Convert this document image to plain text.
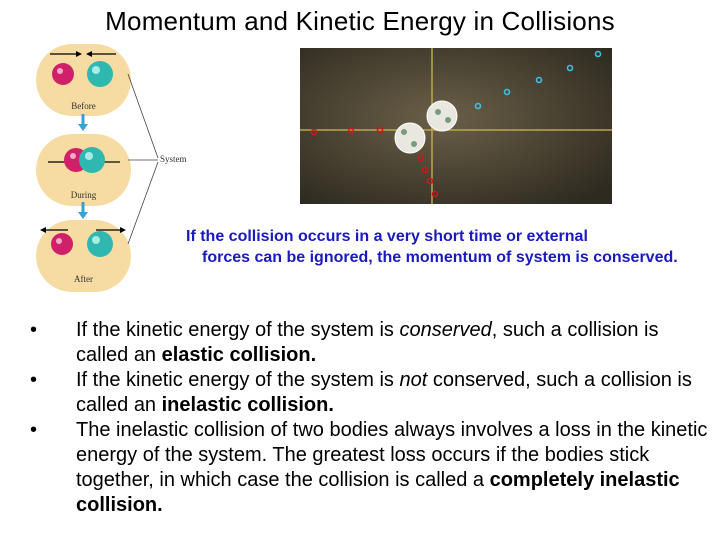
Momentum and Kinetic Energy in Collisions
Before
During
After
System
If the collision occurs in a very short time or external
forces can be ignored, the momentum of system is conserved.
• If the kinetic energy of the system is conserved, such a collision is called an elastic collision.
• If the kinetic energy of the system is not conserved, such a collision is called an inelastic collision.
• The inelastic collision of two bodies always involves a loss in the kinetic energy of the system. The greatest loss occurs if the bodies stick together, in which case the collision is called a completely inelastic collision.
